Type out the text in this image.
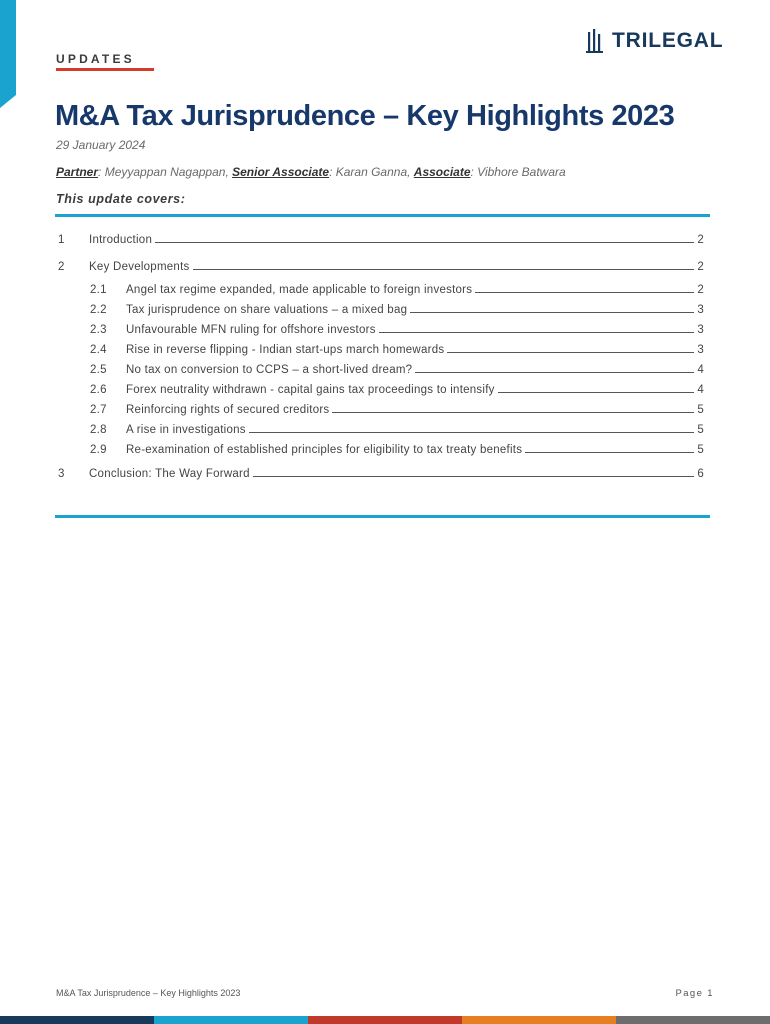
UPDATES
TRILEGAL
M&A Tax Jurisprudence – Key Highlights 2023
29 January 2024
Partner: Meyyappan Nagappan, Senior Associate: Karan Ganna, Associate: Vibhore Batwara
This update covers:
1	Introduction	2
2	Key Developments	2
2.1	Angel tax regime expanded, made applicable to foreign investors	2
2.2	Tax jurisprudence on share valuations – a mixed bag	3
2.3	Unfavourable MFN ruling for offshore investors	3
2.4	Rise in reverse flipping - Indian start-ups march homewards	3
2.5	No tax on conversion to CCPS – a short-lived dream?	4
2.6	Forex neutrality withdrawn - capital gains tax proceedings to intensify	4
2.7	Reinforcing rights of secured creditors	5
2.8	A rise in investigations	5
2.9	Re-examination of established principles for eligibility to tax treaty benefits	5
3	Conclusion: The Way Forward	6
M&A Tax Jurisprudence – Key Highlights 2023	Page 1
